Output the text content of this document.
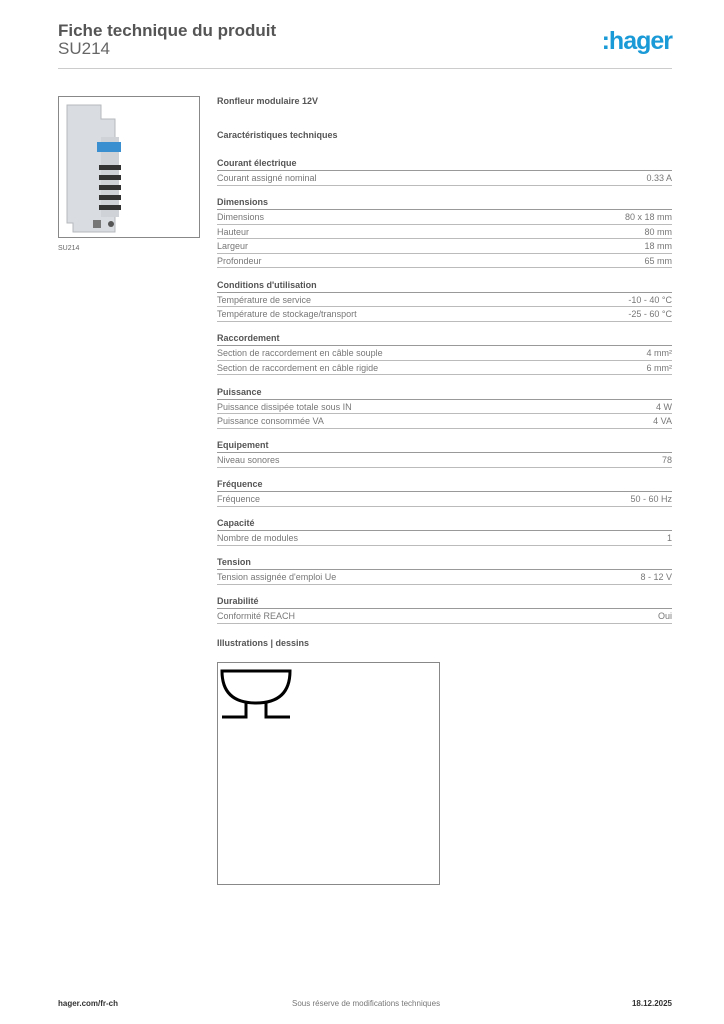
Fiche technique du produit
SU214	:hager
SU214
Ronfleur modulaire 12V
Caractéristiques techniques
Courant électrique
Courant assigné nominal	0.33 A
Dimensions
Dimensions	80 x 18 mm
Hauteur	80 mm
Largeur	18 mm
Profondeur	65 mm
Conditions d'utilisation
Température de service	-10 - 40 °C
Température de stockage/transport	-25 - 60 °C
Raccordement
Section de raccordement en câble souple	4 mm²
Section de raccordement en câble rigide	6 mm²
Puissance
Puissance dissipée totale sous IN	4 W
Puissance consommée VA	4 VA
Equipement
Niveau sonores	78
Fréquence
Fréquence	50 - 60 Hz
Capacité
Nombre de modules	1
Tension
Tension assignée d'emploi Ue	8 - 12 V
Durabilité
Conformité REACH	Oui
Illustrations | dessins
hager.com/fr-ch	Sous réserve de modifications techniques	18.12.2025
